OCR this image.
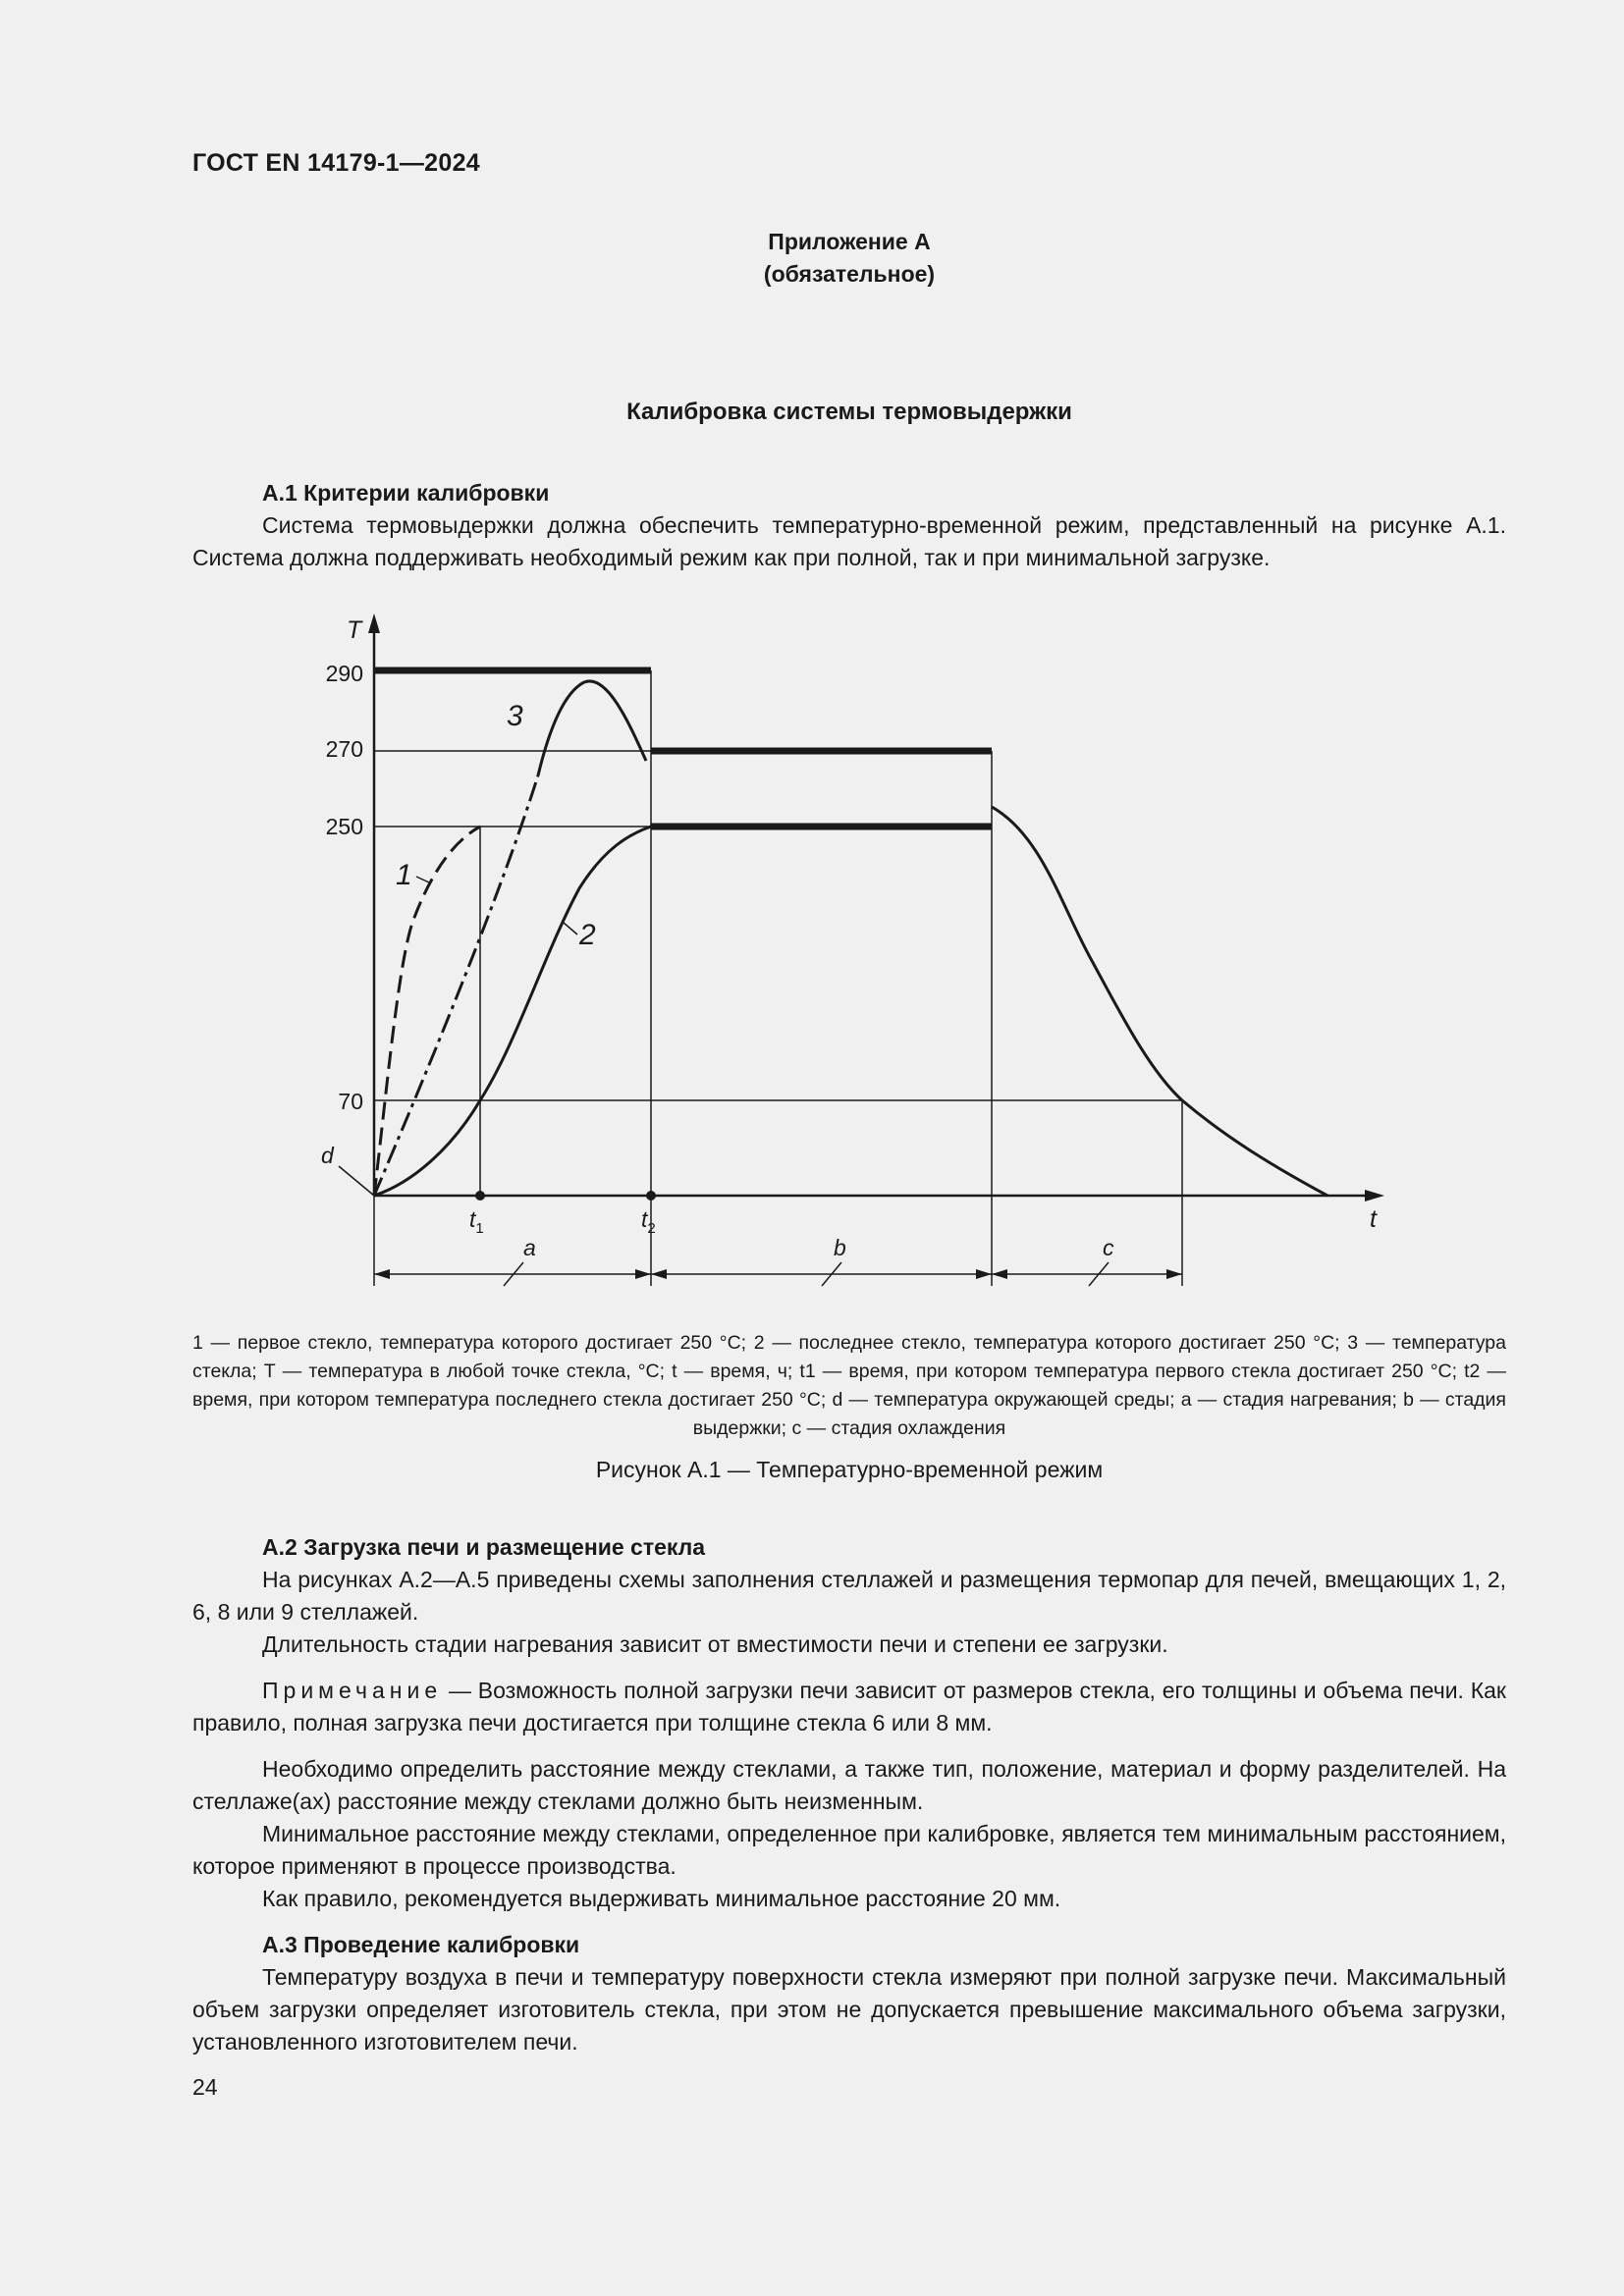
ГОСТ EN 14179-1—2024
Приложение А
(обязательное)
Калибровка системы термовыдержки

А.1 Критерии калибровки

Система термовыдержки должна обеспечить температурно-временной режим, представленный на рисунке А.1. Система должна поддерживать необходимый режим как при полной, так и при минимальной загрузке.

T
t
290
270
250
70
d
$t_1$	$t_2$
a	b	c
1
2
3
1 — первое стекло, температура которого достигает 250 °С; 2 — последнее стекло, температура которого достигает 250 °С; 3 — температура стекла; Т — температура в любой точке стекла, °С; t — время, ч; t1 — время, при котором температура первого стекла достигает 250 °С; t2 — время, при котором температура последнего стекла достигает 250 °С; d — температура окружающей среды; a — стадия нагревания; b — стадия выдержки; c — стадия охлаждения
Рисунок А.1 — Температурно-временной режим

А.2 Загрузка печи и размещение стекла

На рисунках А.2—А.5 приведены схемы заполнения стеллажей и размещения термопар для печей, вмещающих 1, 2, 6, 8 или 9 стеллажей.

Длительность стадии нагревания зависит от вместимости печи и степени ее загрузки.

Примечание — Возможность полной загрузки печи зависит от размеров стекла, его толщины и объема печи. Как правило, полная загрузка печи достигается при толщине стекла 6 или 8 мм.

Необходимо определить расстояние между стеклами, а также тип, положение, материал и форму разделителей. На стеллаже(ах) расстояние между стеклами должно быть неизменным.

Минимальное расстояние между стеклами, определенное при калибровке, является тем минимальным расстоянием, которое применяют в процессе производства.

Как правило, рекомендуется выдерживать минимальное расстояние 20 мм.

А.3 Проведение калибровки

Температуру воздуха в печи и температуру поверхности стекла измеряют при полной загрузке печи. Максимальный объем загрузки определяет изготовитель стекла, при этом не допускается превышение максимального объема загрузки, установленного изготовителем печи.

24
